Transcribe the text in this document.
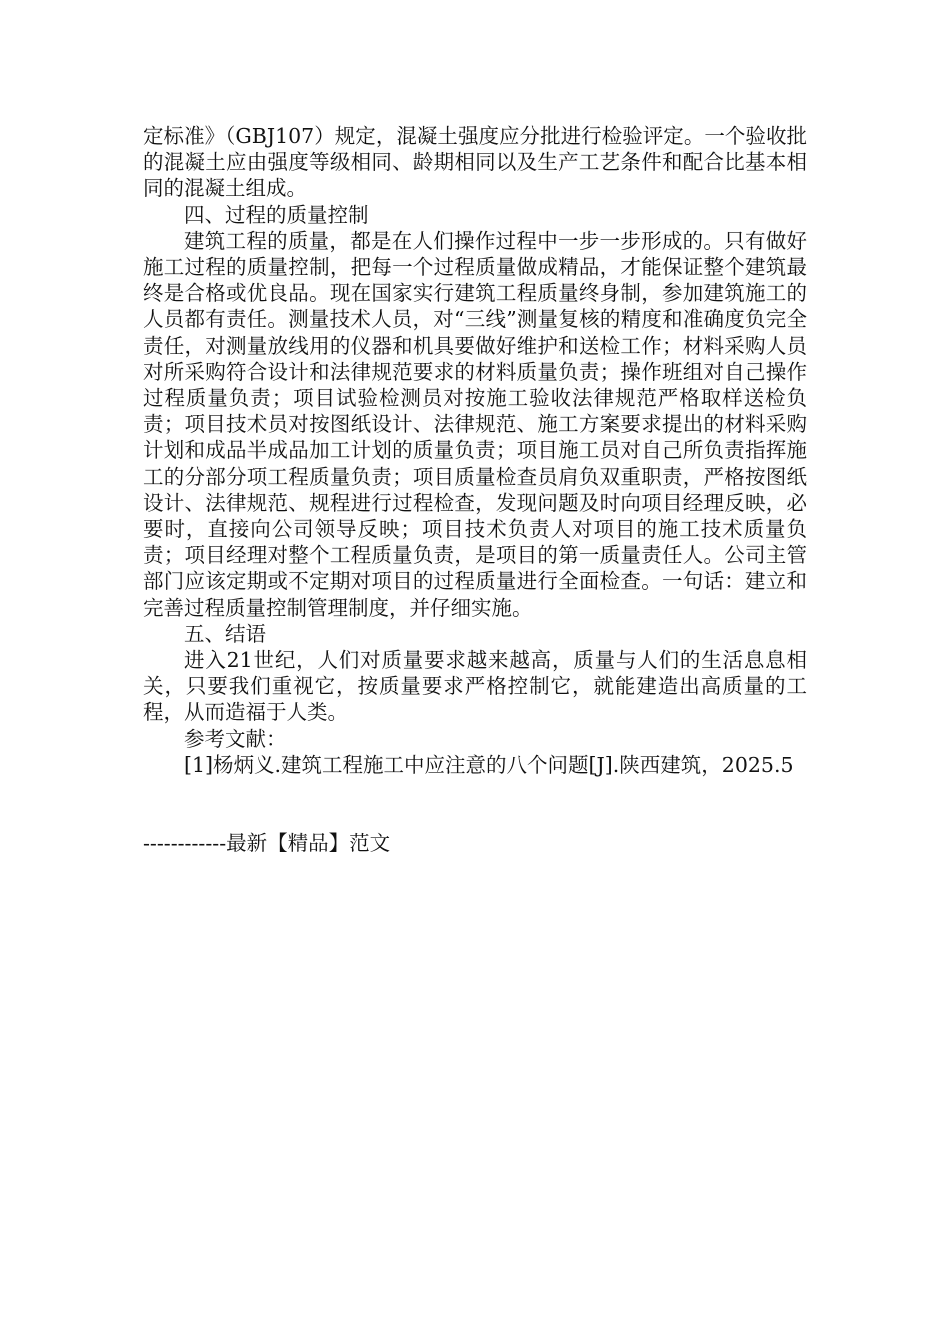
定标准》（GBJ107）规定，混凝土强度应分批进行检验评定。一个验收批的混凝土应由强度等级相同、龄期相同以及生产工艺条件和配合比基本相同的混凝土组成。

四、过程的质量控制

建筑工程的质量，都是在人们操作过程中一步一步形成的。只有做好施工过程的质量控制，把每一个过程质量做成精品，才能保证整个建筑最终是合格或优良品。现在国家实行建筑工程质量终身制，参加建筑施工的人员都有责任。测量技术人员，对“三线”测量复核的精度和准确度负完全责任，对测量放线用的仪器和机具要做好维护和送检工作；材料采购人员对所采购符合设计和法律规范要求的材料质量负责；操作班组对自己操作过程质量负责；项目试验检测员对按施工验收法律规范严格取样送检负责；项目技术员对按图纸设计、法律规范、施工方案要求提出的材料采购计划和成品半成品加工计划的质量负责；项目施工员对自己所负责指挥施工的分部分项工程质量负责；项目质量检查员肩负双重职责，严格按图纸设计、法律规范、规程进行过程检查，发现问题及时向项目经理反映，必要时，直接向公司领导反映；项目技术负责人对项目的施工技术质量负责；项目经理对整个工程质量负责，是项目的第一质量责任人。公司主管部门应该定期或不定期对项目的过程质量进行全面检查。一句话：建立和完善过程质量控制管理制度，并仔细实施。

五、结语

进入21世纪，人们对质量要求越来越高，质量与人们的生活息息相关，只要我们重视它，按质量要求严格控制它，就能建造出高质量的工程，从而造福于人类。

参考文献：

[1]杨炳义.建筑工程施工中应注意的八个问题[J].陕西建筑，2025.5

------------最新【精品】范文
